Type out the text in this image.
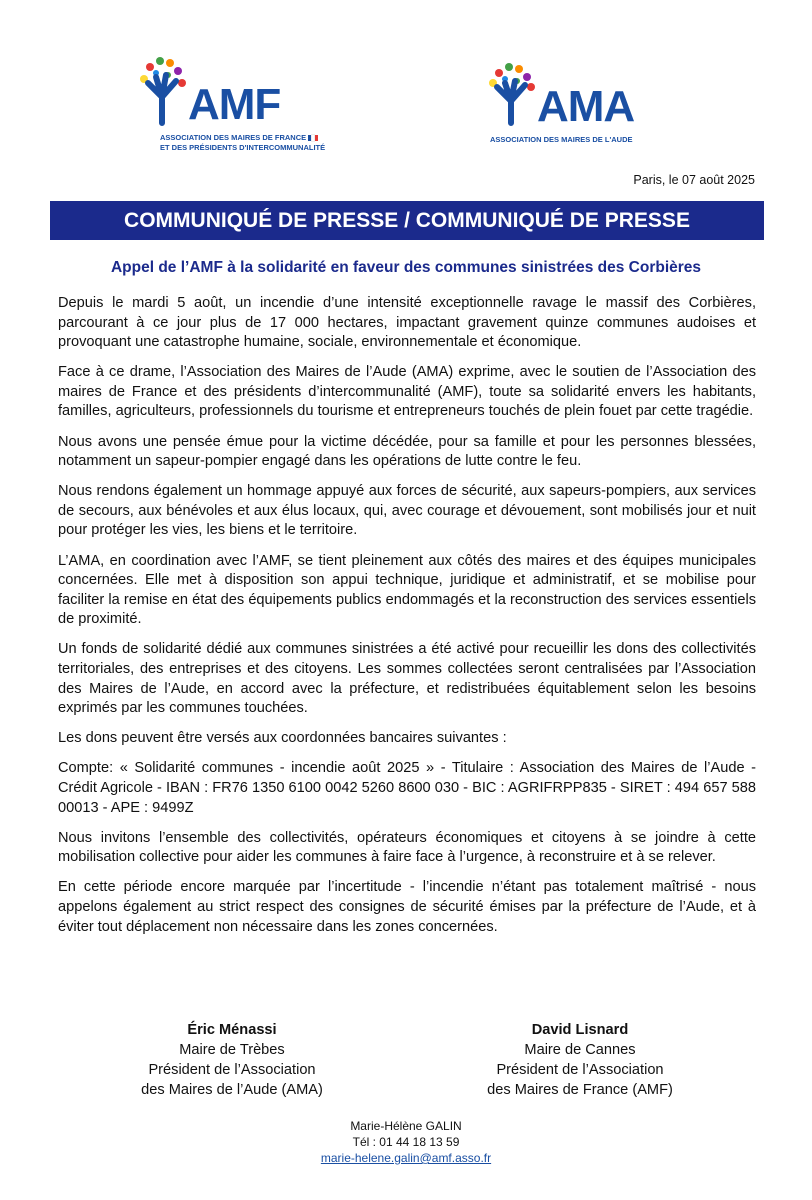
AMF
ASSOCIATION DES MAIRES DE FRANCE
ET DES PRÉSIDENTS D'INTERCOMMUNALITÉ
AMA
ASSOCIATION DES MAIRES DE L'AUDE
Paris, le 07 août 2025
COMMUNIQUÉ DE PRESSE / COMMUNIQUÉ DE PRESSE
Appel de l’AMF à la solidarité en faveur des communes sinistrées des Corbières

Depuis le mardi 5 août, un incendie d’une intensité exceptionnelle ravage le massif des Corbières, parcourant à ce jour plus de 17 000 hectares, impactant gravement quinze communes audoises et provoquant une catastrophe humaine, sociale, environnementale et économique.

Face à ce drame, l’Association des Maires de l’Aude (AMA) exprime, avec le soutien de l’Association des maires de France et des présidents d’intercommunalité (AMF), toute sa solidarité envers les habitants, familles, agriculteurs, professionnels du tourisme et entrepreneurs touchés de plein fouet par cette tragédie.

Nous avons une pensée émue pour la victime décédée, pour sa famille et pour les personnes blessées, notamment un sapeur-pompier engagé dans les opérations de lutte contre le feu.

Nous rendons également un hommage appuyé aux forces de sécurité, aux sapeurs-pompiers, aux services de secours, aux bénévoles et aux élus locaux, qui, avec courage et dévouement, sont mobilisés jour et nuit pour protéger les vies, les biens et le territoire.

L’AMA, en coordination avec l’AMF, se tient pleinement aux côtés des maires et des équipes municipales concernées. Elle met à disposition son appui technique, juridique et administratif, et se mobilise pour faciliter la remise en état des équipements publics endommagés et la reconstruction des services essentiels de proximité.

Un fonds de solidarité dédié aux communes sinistrées a été activé pour recueillir les dons des collectivités territoriales, des entreprises et des citoyens. Les sommes collectées seront centralisées par l’Association des Maires de l’Aude, en accord avec la préfecture, et redistribuées équitablement selon les besoins exprimés par les communes touchées.

Les dons peuvent être versés aux coordonnées bancaires suivantes :

Compte: « Solidarité communes - incendie août 2025 » - Titulaire : Association des Maires de l’Aude - Crédit Agricole - IBAN : FR76 1350 6100 0042 5260 8600 030 - BIC : AGRIFRPP835 - SIRET : 494 657 588 00013 - APE : 9499Z

Nous invitons l’ensemble des collectivités, opérateurs économiques et citoyens à se joindre à cette mobilisation collective pour aider les communes à faire face à l’urgence, à reconstruire et à se relever.

En cette période encore marquée par l’incertitude - l’incendie n’étant pas totalement maîtrisé - nous appelons également au strict respect des consignes de sécurité émises par la préfecture de l’Aude, et à éviter tout déplacement non nécessaire dans les zones concernées.

Éric Ménassi
Maire de Trèbes
Président de l’Association
des Maires de l’Aude (AMA)
David Lisnard
Maire de Cannes
Président de l’Association
des Maires de France (AMF)
Marie-Hélène GALIN
Tél : 01 44 18 13 59
marie-helene.galin@amf.asso.fr
